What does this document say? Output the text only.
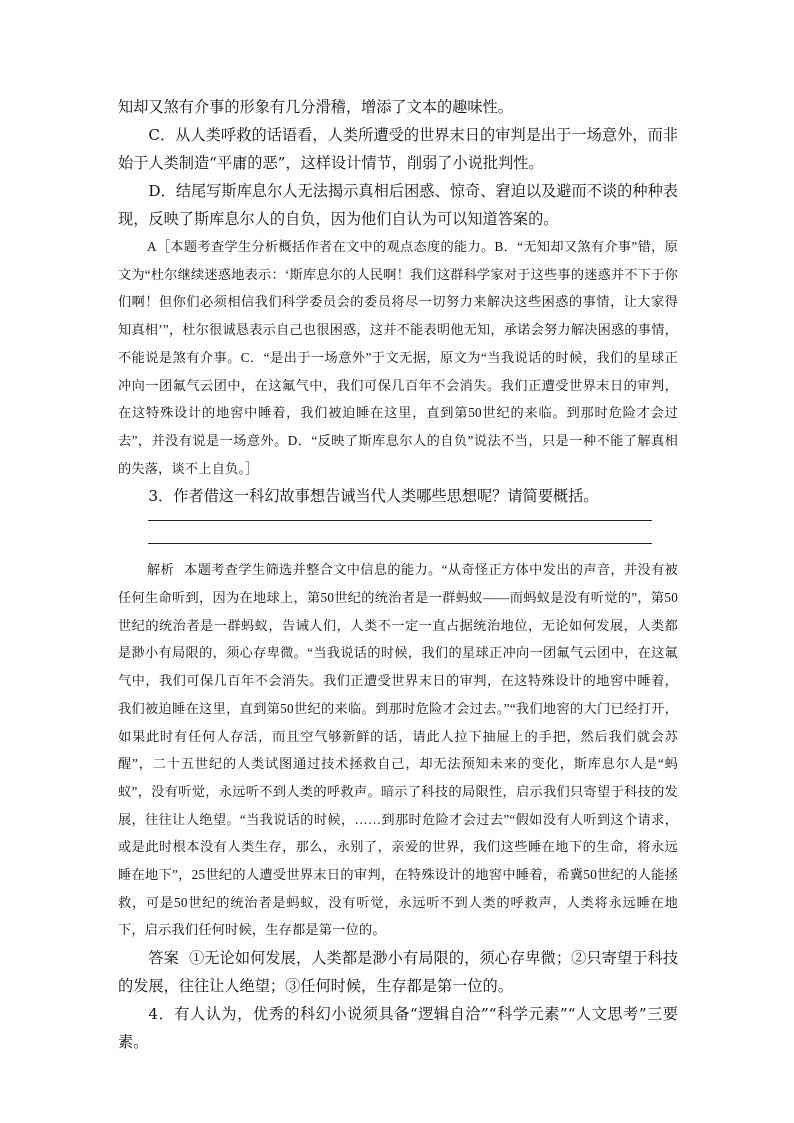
知却又煞有介事的形象有几分滑稽，增添了文本的趣味性。

C．从人类呼救的话语看，人类所遭受的世界末日的审判是出于一场意外，而非始于人类制造“平庸的恶”，这样设计情节，削弱了小说批判性。

D．结尾写斯库息尔人无法揭示真相后困惑、惊奇、窘迫以及避而不谈的种种表现，反映了斯库息尔人的自负，因为他们自认为可以知道答案的。

A［本题考查学生分析概括作者在文中的观点态度的能力。B．“无知却又煞有介事”错，原文为“杜尔继续迷惑地表示：‘斯库息尔的人民啊！我们这群科学家对于这些事的迷惑并不下于你们啊！但你们必须相信我们科学委员会的委员将尽一切努力来解决这些困惑的事情，让大家得知真相’”，杜尔很诚恳表示自己也很困惑，这并不能表明他无知，承诺会努力解决困惑的事情，不能说是煞有介事。C．“是出于一场意外”于文无据，原文为“当我说话的时候，我们的星球正冲向一团氟气云团中，在这氟气中，我们可保几百年不会消失。我们正遭受世界末日的审判，在这特殊设计的地窖中睡着，我们被迫睡在这里，直到第50世纪的来临。到那时危险才会过去”，并没有说是一场意外。D．“反映了斯库息尔人的自负”说法不当，只是一种不能了解真相的失落，谈不上自负。］

3．作者借这一科幻故事想告诫当代人类哪些思想呢？请简要概括。

解析 本题考查学生筛选并整合文中信息的能力。“从奇怪正方体中发出的声音，并没有被任何生命听到，因为在地球上，第50世纪的统治者是一群蚂蚁——而蚂蚁是没有听觉的”，第50世纪的统治者是一群蚂蚁，告诫人们，人类不一定一直占据统治地位，无论如何发展，人类都是渺小有局限的，须心存卑微。“当我说话的时候，我们的星球正冲向一团氟气云团中，在这氟气中，我们可保几百年不会消失。我们正遭受世界末日的审判，在这特殊设计的地窖中睡着，我们被迫睡在这里，直到第50世纪的来临。到那时危险才会过去。”“我们地窖的大门已经打开，如果此时有任何人存活，而且空气够新鲜的话，请此人拉下抽屉上的手把，然后我们就会苏醒”，二十五世纪的人类试图通过技术拯救自己，却无法预知未来的变化，斯库息尔人是“蚂蚁”，没有听觉，永远听不到人类的呼救声。暗示了科技的局限性，启示我们只寄望于科技的发展，往往让人绝望。“当我说话的时候，……到那时危险才会过去”“假如没有人听到这个请求，或是此时根本没有人类生存，那么，永别了，亲爱的世界，我们这些睡在地下的生命，将永远睡在地下”，25世纪的人遭受世界末日的审判，在特殊设计的地窖中睡着，希冀50世纪的人能拯救，可是50世纪的统治者是蚂蚁，没有听觉，永远听不到人类的呼救声，人类将永远睡在地下，启示我们任何时候，生存都是第一位的。

答案 ①无论如何发展，人类都是渺小有局限的，须心存卑微；②只寄望于科技的发展，往往让人绝望；③任何时候，生存都是第一位的。

4．有人认为，优秀的科幻小说须具备“逻辑自洽”“科学元素”“人文思考”三要素。
